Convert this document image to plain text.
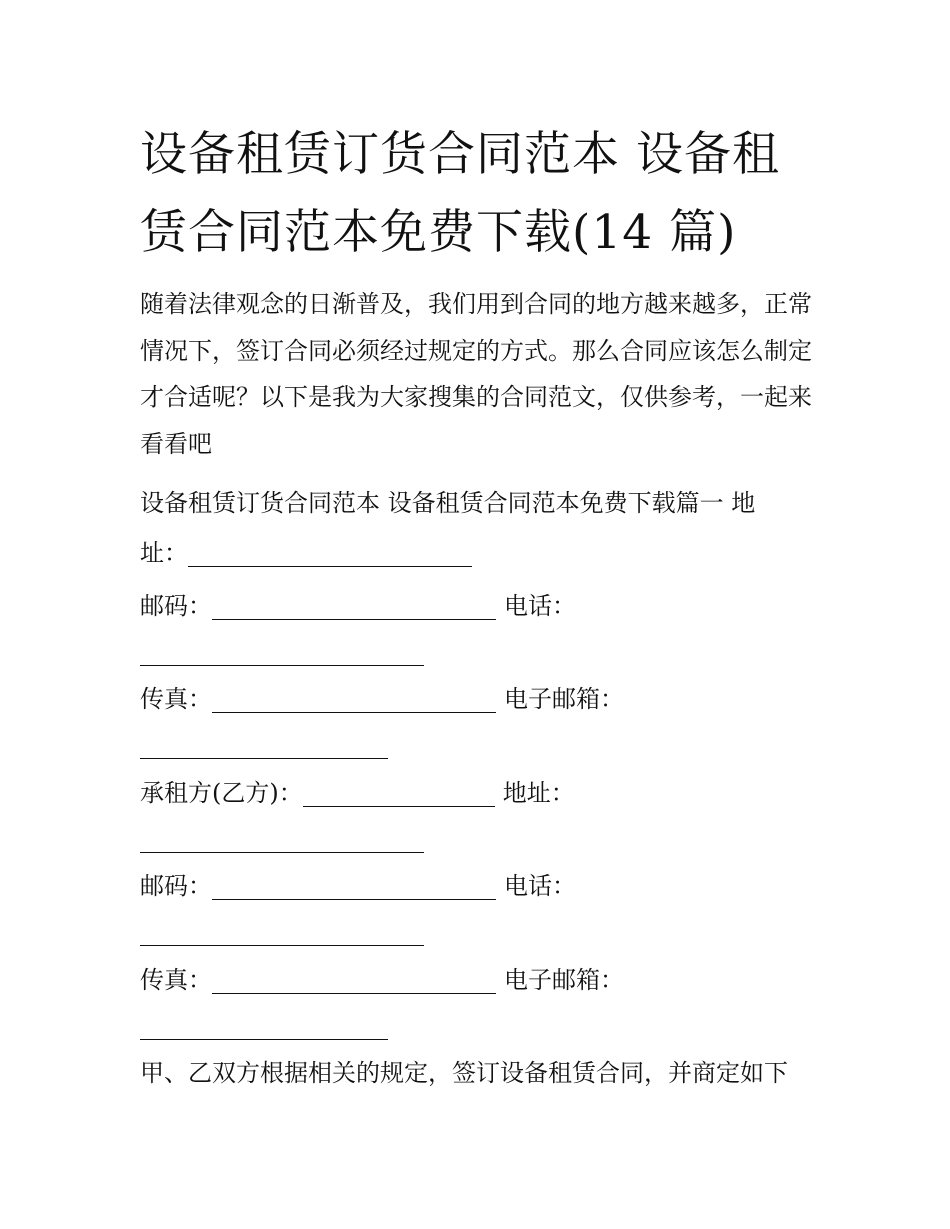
设备租赁订货合同范本 设备租赁合同范本免费下载(14 篇)

随着法律观念的日渐普及，我们用到合同的地方越来越多，正常情况下，签订合同必须经过规定的方式。那么合同应该怎么制定才合适呢？以下是我为大家搜集的合同范文，仅供参考，一起来看看吧

设备租赁订货合同范本 设备租赁合同范本免费下载篇一 地
址：
邮码：	电话：
传真：	电子邮箱：
承租方(乙方)：	地址：
邮码：	电话：
传真：	电子邮箱：
甲、乙双方根据相关的规定，签订设备租赁合同，并商定如下
